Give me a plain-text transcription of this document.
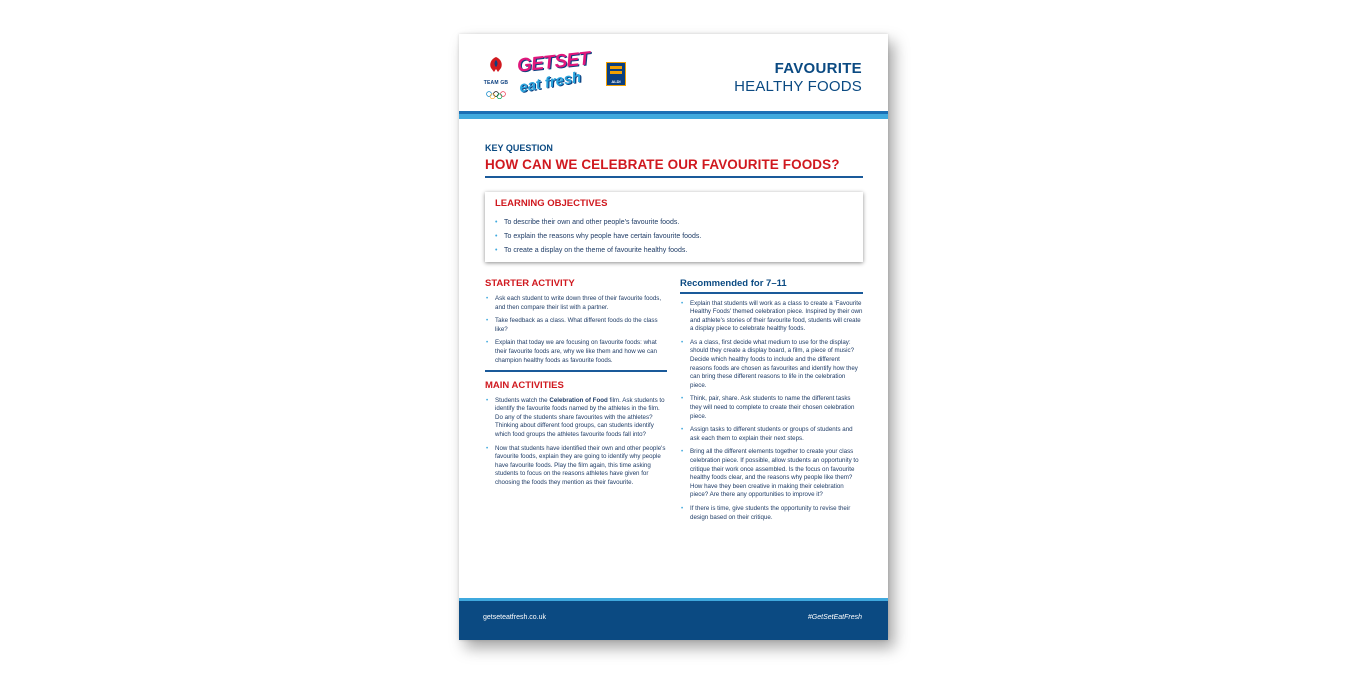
TEAM GB
GETSET
eat fresh	ALDI
FAVOURITE
HEALTHY FOODS
KEY QUESTION
HOW CAN WE CELEBRATE OUR FAVOURITE FOODS?
LEARNING OBJECTIVES
• To describe their own and other people's favourite foods.
• To explain the reasons why people have certain favourite foods.
• To create a display on the theme of favourite healthy foods.
STARTER ACTIVITY
• Ask each student to write down three of their favourite foods, and then compare their list with a partner.
• Take feedback as a class. What different foods do the class like?
• Explain that today we are focusing on favourite foods: what their favourite foods are, why we like them and how we can champion healthy foods as favourite foods.
MAIN ACTIVITIES
• Students watch the Celebration of Food film. Ask students to identify the favourite foods named by the athletes in the film. Do any of the students share favourites with the athletes? Thinking about different food groups, can students identify which food groups the athletes favourite foods fall into?
• Now that students have identified their own and other people's favourite foods, explain they are going to identify why people have favourite foods. Play the film again, this time asking students to focus on the reasons athletes have given for choosing the foods they mention as their favourite.
Recommended for 7–11
• Explain that students will work as a class to create a 'Favourite Healthy Foods' themed celebration piece. Inspired by their own and athlete's stories of their favourite food, students will create a display piece to celebrate healthy foods.
• As a class, first decide what medium to use for the display: should they create a display board, a film, a piece of music? Decide which healthy foods to include and the different reasons foods are chosen as favourites and identify how they can bring these different reasons to life in the celebration piece.
• Think, pair, share. Ask students to name the different tasks they will need to complete to create their chosen celebration piece.
• Assign tasks to different students or groups of students and ask each them to explain their next steps.
• Bring all the different elements together to create your class celebration piece. If possible, allow students an opportunity to critique their work once assembled. Is the focus on favourite healthy foods clear, and the reasons why people like them? How have they been creative in making their celebration piece? Are there any opportunities to improve it?
• If there is time, give students the opportunity to revise their design based on their critique.
getseteatfresh.co.uk	#GetSetEatFresh
